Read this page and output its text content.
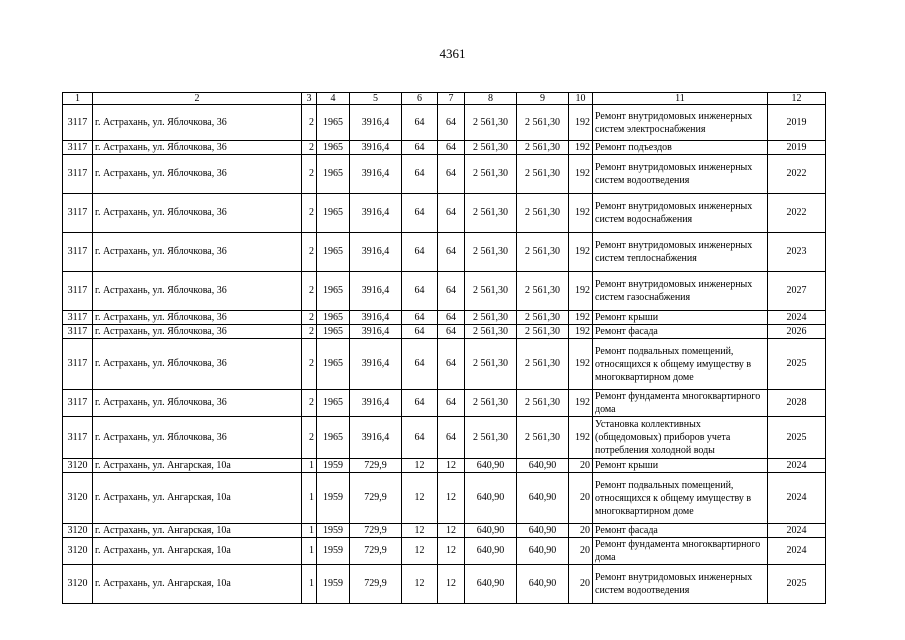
4361
1	2	3	4	5	6	7	8	9	10	11	12
3117	г. Астрахань, ул. Яблочкова, 36	2	1965	3916,4	64	64	2 561,30	2 561,30	192	Ремонт внутридомовых инженерных систем электроснабжения	2019
3117	г. Астрахань, ул. Яблочкова, 36	2	1965	3916,4	64	64	2 561,30	2 561,30	192	Ремонт подъездов	2019
3117	г. Астрахань, ул. Яблочкова, 36	2	1965	3916,4	64	64	2 561,30	2 561,30	192	Ремонт внутридомовых инженерных систем водоотведения	2022
3117	г. Астрахань, ул. Яблочкова, 36	2	1965	3916,4	64	64	2 561,30	2 561,30	192	Ремонт внутридомовых инженерных систем водоснабжения	2022
3117	г. Астрахань, ул. Яблочкова, 36	2	1965	3916,4	64	64	2 561,30	2 561,30	192	Ремонт внутридомовых инженерных систем теплоснабжения	2023
3117	г. Астрахань, ул. Яблочкова, 36	2	1965	3916,4	64	64	2 561,30	2 561,30	192	Ремонт внутридомовых инженерных систем газоснабжения	2027
3117	г. Астрахань, ул. Яблочкова, 36	2	1965	3916,4	64	64	2 561,30	2 561,30	192	Ремонт крыши	2024
3117	г. Астрахань, ул. Яблочкова, 36	2	1965	3916,4	64	64	2 561,30	2 561,30	192	Ремонт фасада	2026
3117	г. Астрахань, ул. Яблочкова, 36	2	1965	3916,4	64	64	2 561,30	2 561,30	192	Ремонт подвальных помещений, относящихся к общему имуществу в многоквартирном доме	2025
3117	г. Астрахань, ул. Яблочкова, 36	2	1965	3916,4	64	64	2 561,30	2 561,30	192	Ремонт фундамента многоквартирного дома	2028
3117	г. Астрахань, ул. Яблочкова, 36	2	1965	3916,4	64	64	2 561,30	2 561,30	192	Установка коллективных (общедомовых) приборов учета потребления холодной воды	2025
3120	г. Астрахань, ул. Ангарская, 10а	1	1959	729,9	12	12	640,90	640,90	20	Ремонт крыши	2024
3120	г. Астрахань, ул. Ангарская, 10а	1	1959	729,9	12	12	640,90	640,90	20	Ремонт подвальных помещений, относящихся к общему имуществу в многоквартирном доме	2024
3120	г. Астрахань, ул. Ангарская, 10а	1	1959	729,9	12	12	640,90	640,90	20	Ремонт фасада	2024
3120	г. Астрахань, ул. Ангарская, 10а	1	1959	729,9	12	12	640,90	640,90	20	Ремонт фундамента многоквартирного дома	2024
3120	г. Астрахань, ул. Ангарская, 10а	1	1959	729,9	12	12	640,90	640,90	20	Ремонт внутридомовых инженерных систем водоотведения	2025
